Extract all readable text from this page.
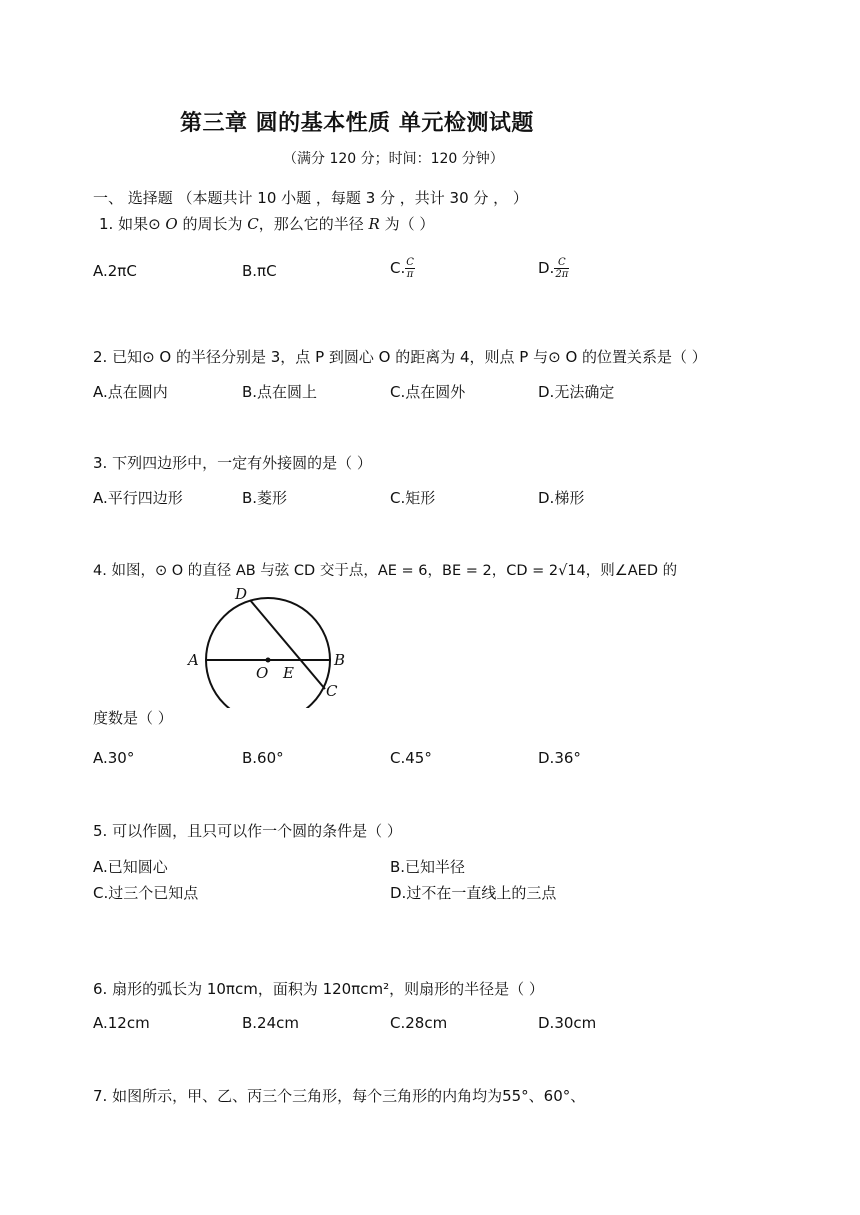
第三章 圆的基本性质 单元检测试题
（满分 120 分；时间：120 分钟）
一、 选择题 （本题共计 10 小题 ，每题 3 分 ，共计 30 分 ， ）
1. 如果⊙ O 的周长为 C，那么它的半径 R 为（ ）
A.2πC	B.πC	C. $\frac{C}{\pi}$	D. $\frac{C}{2\pi}$
2. 已知⊙ O 的半径分别是 3，点 P 到圆心 O 的距离为 4，则点 P 与⊙ O 的位置关系是（ ）
A.点在圆内	B.点在圆上	C.点在圆外	D.无法确定
3. 下列四边形中，一定有外接圆的是（ ）
A.平行四边形	B.菱形	C.矩形	D.梯形
4. 如图，⊙ O 的直径 AB 与弦 CD 交于点，AE = 6，BE = 2，CD = 2√14，则∠AED 的
A	B
C
D
O E
度数是（ ）
A.30°	B.60°	C.45°	D.36°
5. 可以作圆，且只可以作一个圆的条件是（ ）
A.已知圆心	B.已知半径
C.过三个已知点	D.过不在一直线上的三点
6. 扇形的弧长为 10πcm，面积为 120πcm²，则扇形的半径是（ ）
A.12cm	B.24cm	C.28cm	D.30cm
7. 如图所示，甲、乙、丙三个三角形，每个三角形的内角均为55°、60°、
